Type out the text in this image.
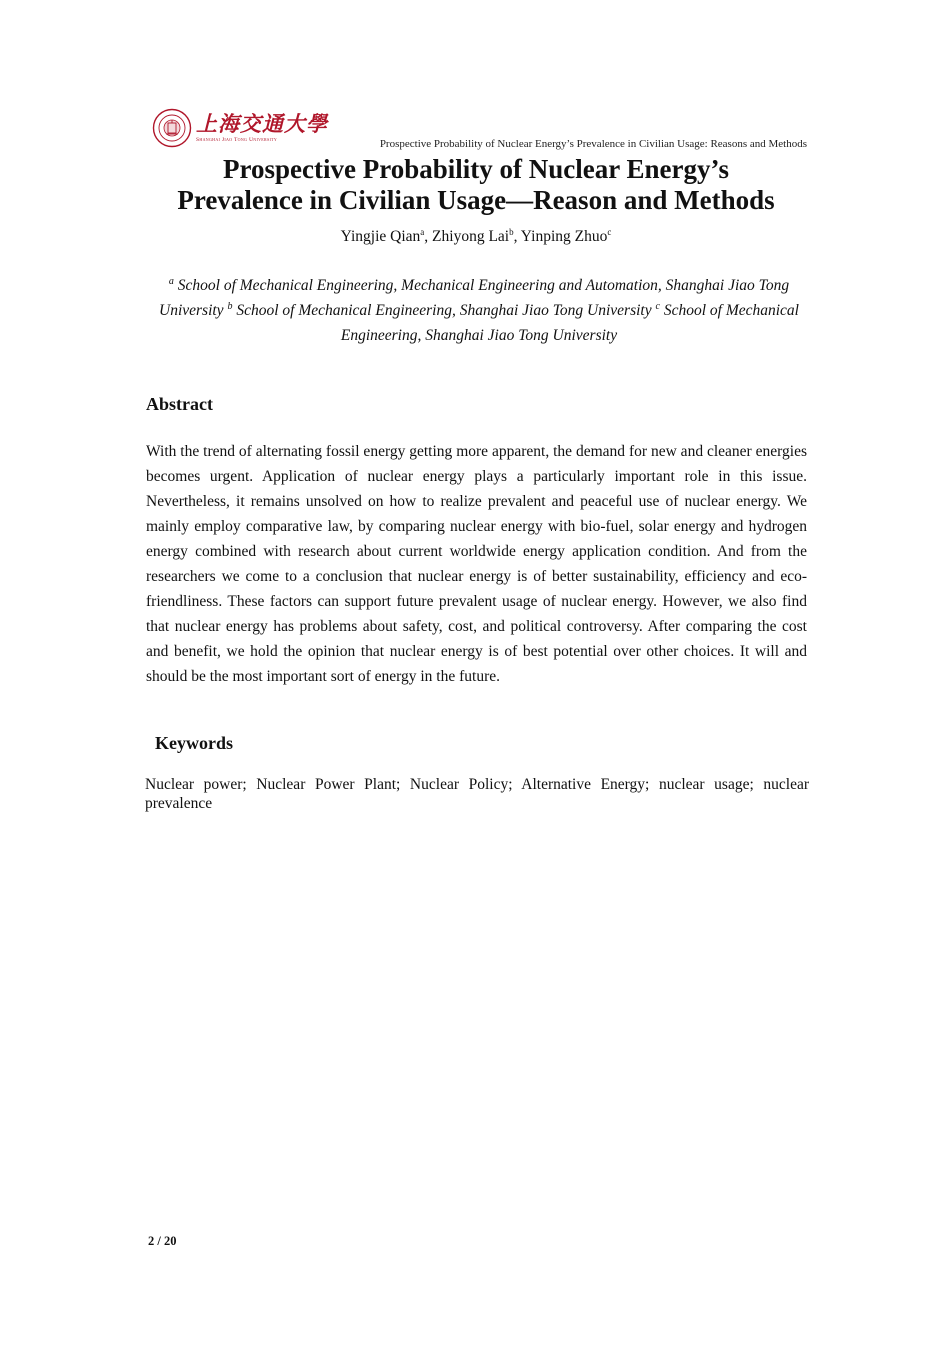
上海交通大學
Shanghai Jiao Tong University	Prospective Probability of Nuclear Energy’s Prevalence in Civilian Usage: Reasons and Methods
Prospective Probability of Nuclear Energy’s
Prevalence in Civilian Usage—Reason and Methods
Yingjie Qian$^a$, Zhiyong Lai$^b$, Yinping Zhuo$^c$
$^a$ School of Mechanical Engineering, Mechanical Engineering and Automation, Shanghai Jiao Tong University $^b$ School of Mechanical Engineering, Shanghai Jiao Tong University $^c$ School of Mechanical Engineering, Shanghai Jiao Tong University
Abstract
With the trend of alternating fossil energy getting more apparent, the demand for new and cleaner energies becomes urgent. Application of nuclear energy plays a particularly important role in this issue. Nevertheless, it remains unsolved on how to realize prevalent and peaceful use of nuclear energy. We mainly employ comparative law, by comparing nuclear energy with bio-fuel, solar energy and hydrogen energy combined with research about current worldwide energy application condition. And from the researchers we come to a conclusion that nuclear energy is of better sustainability, efficiency and eco-friendliness. These factors can support future prevalent usage of nuclear energy. However, we also find that nuclear energy has problems about safety, cost, and political controversy. After comparing the cost and benefit, we hold the opinion that nuclear energy is of best potential over other choices. It will and should be the most important sort of energy in the future.
Keywords
Nuclear power; Nuclear Power Plant; Nuclear Policy; Alternative Energy; nuclear usage; nuclear prevalence
2 / 20
